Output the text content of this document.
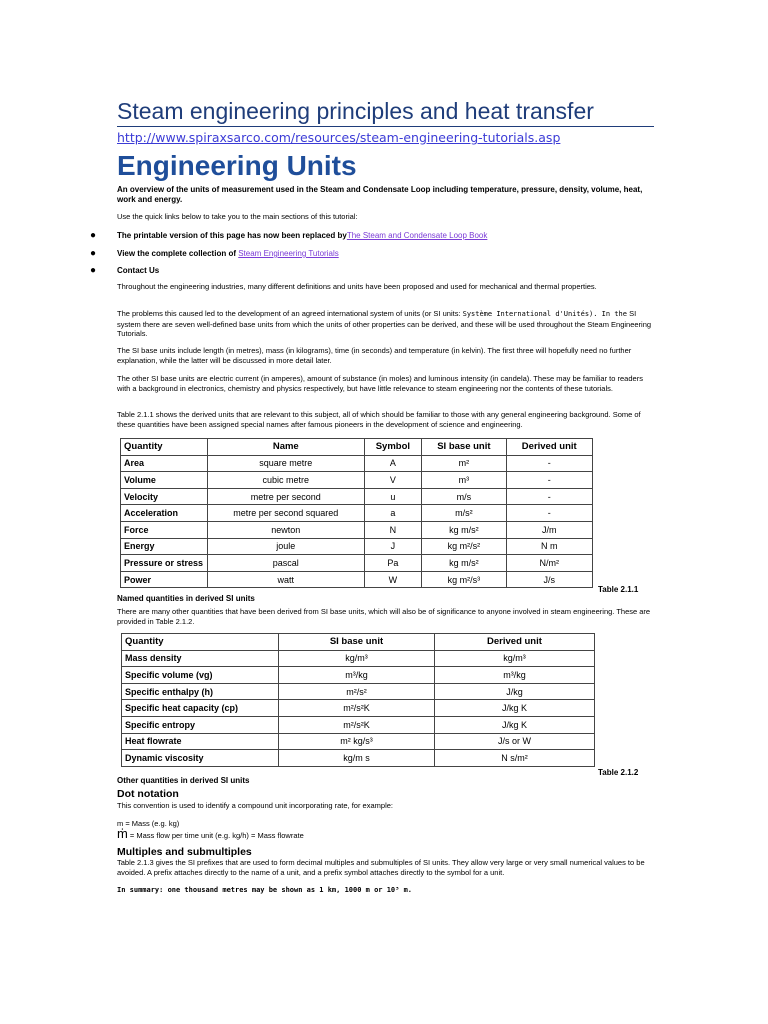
Steam engineering principles and heat transfer
http://www.spiraxsarco.com/resources/steam-engineering-tutorials.asp
Engineering Units
An overview of the units of measurement used in the Steam and Condensate Loop including temperature, pressure, density, volume, heat, work and energy.
Use the quick links below to take you to the main sections of this tutorial:
●	The printable version of this page has now been replaced byThe Steam and Condensate Loop Book
●	View the complete collection of Steam Engineering Tutorials
●	Contact Us
Throughout the engineering industries, many different definitions and units have been proposed and used for mechanical and thermal properties.
The problems this caused led to the development of an agreed international system of units (or SI units: Système International d'Unités). In the SI system there are seven well-defined base units from which the units of other properties can be derived, and these will be used throughout the Steam Engineering Tutorials.
The SI base units include length (in metres), mass (in kilograms), time (in seconds) and temperature (in kelvin). The first three will hopefully need no further explanation, while the latter will be discussed in more detail later.
The other SI base units are electric current (in amperes), amount of substance (in moles) and luminous intensity (in candela). These may be familiar to readers with a background in electronics, chemistry and physics respectively, but have little relevance to steam engineering nor the contents of these tutorials.
Table 2.1.1 shows the derived units that are relevant to this subject, all of which should be familiar to those with any general engineering background. Some of these quantities have been assigned special names after famous pioneers in the development of science and engineering.
Quantity	Name	Symbol	SI base unit	Derived unit
Area	square metre	A	m²	-
Volume	cubic metre	V	m³	-
Velocity	metre per second	u	m/s	-
Acceleration	metre per second squared	a	m/s²	-
Force	newton	N	kg m/s²	J/m
Energy	joule	J	kg m²/s²	N m
Pressure or stress	pascal	Pa	kg m/s²	N/m²
Power	watt	W	kg m²/s³	J/s
Table 2.1.1
Named quantities in derived SI units
There are many other quantities that have been derived from SI base units, which will also be of significance to anyone involved in steam engineering. These are provided in Table 2.1.2.
Quantity	SI base unit	Derived unit
Mass density	kg/m³	kg/m³
Specific volume (vg)	m³/kg	m³/kg
Specific enthalpy (h)	m²/s²	J/kg
Specific heat capacity (cp)	m²/s²K	J/kg K
Specific entropy	m²/s²K	J/kg K
Heat flowrate	m² kg/s³	J/s or W
Dynamic viscosity	kg/m s	N s/m²
Table 2.1.2
Other quantities in derived SI units
Dot notation
This convention is used to identify a compound unit incorporating rate, for example:
m = Mass (e.g. kg)
ṁ = Mass flow per time unit (e.g. kg/h) = Mass flowrate
Multiples and submultiples
Table 2.1.3 gives the SI prefixes that are used to form decimal multiples and submultiples of SI units. They allow very large or very small numerical values to be avoided. A prefix attaches directly to the name of a unit, and a prefix symbol attaches directly to the symbol for a unit.
In summary: one thousand metres may be shown as 1 km, 1000 m or 10³ m.
